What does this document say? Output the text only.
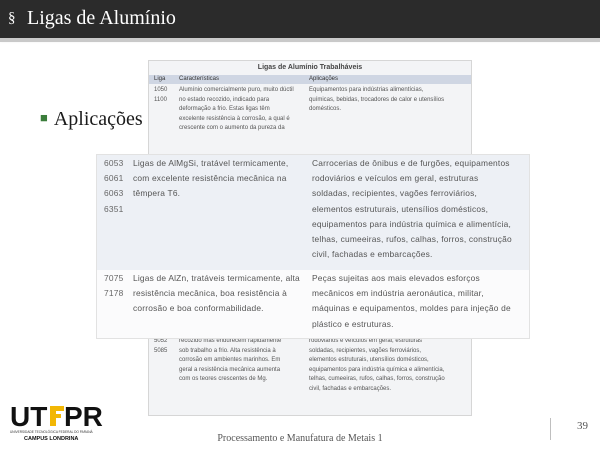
§ Ligas de Alumínio
Ligas de Alumínio Trabalháveis
Liga Características	Aplicações
1050
1100
Alumínio comercialmente puro, muito dúctil
no estado recozido, indicado para
deformação a frio. Estas ligas têm
excelente resistência à corrosão, a qual é
crescente com o aumento da pureza da
Equipamentos para indústrias alimentícias,
químicas, bebidas, trocadores de calor e utensílios
domésticos.
5052
5085
recozido mas endurecem rapidamente
sob trabalho a frio. Alta resistência à
corrosão em ambientes marinhos. Em
geral a resistência mecânica aumenta
com os teores crescentes de Mg.
rodoviários e veículos em geral, estruturas
soldadas, recipientes, vagões ferroviários,
elementos estruturais, utensílios domésticos,
equipamentos para indústria química e alimentícia,
telhas, cumeeiras, rufos, calhas, forros, construção
civil, fachadas e embarcações.
■ Aplicações
6053
6061
6063
6351
Ligas de AlMgSi, tratável termicamente,
com excelente resistência mecânica na
têmpera T6.
Carrocerias de ônibus e de furgões, equipamentos
rodoviários e veículos em geral, estruturas
soldadas, recipientes, vagões ferroviários,
elementos estruturais, utensílios domésticos,
equipamentos para indústria química e alimentícia,
telhas, cumeeiras, rufos, calhas, forros, construção
civil, fachadas e embarcações.
7075
7178
Ligas de AlZn, tratáveis termicamente, alta
resistência mecânica, boa resistência à
corrosão e boa conformabilidade.
Peças sujeitas aos mais elevados esforços
mecânicos em indústria aeronáutica, militar,
máquinas e equipamentos, moldes para injeção de
plástico e estruturas.
UT PR
UNIVERSIDADE TECNOLÓGICA FEDERAL DO PARANÁ
CAMPUS LONDRINA	Processamento e Manufatura de Metais 1
39
